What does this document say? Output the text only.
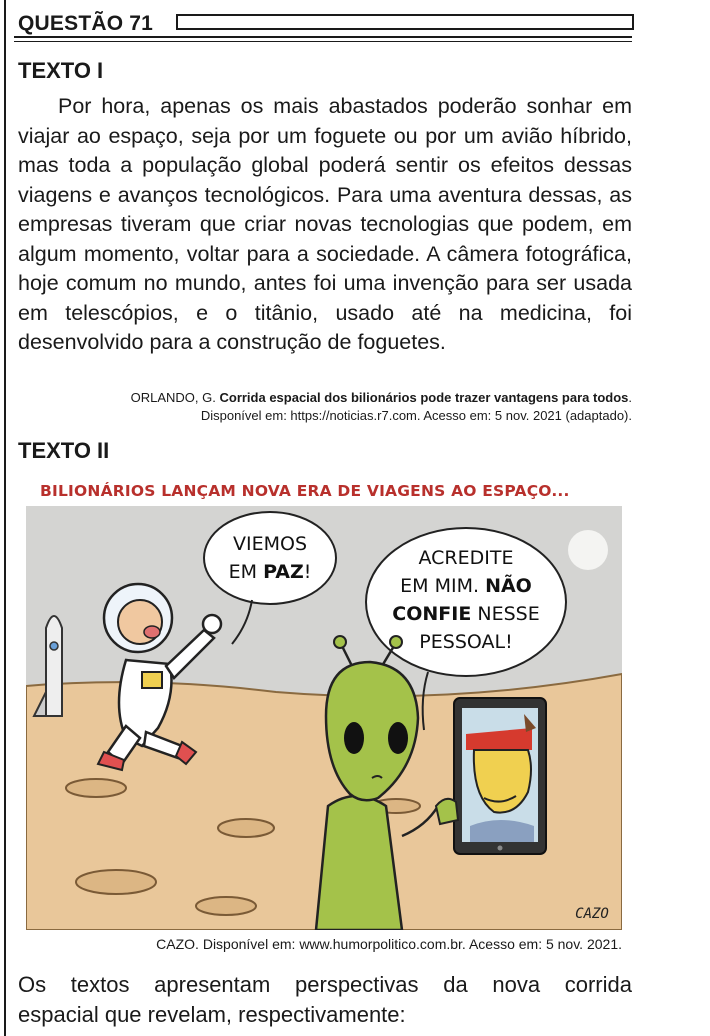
QUESTÃO 71
TEXTO I

Por hora, apenas os mais abastados poderão sonhar em viajar ao espaço, seja por um foguete ou por um avião híbrido, mas toda a população global poderá sentir os efeitos dessas viagens e avanços tecnológicos. Para uma aventura dessas, as empresas tiveram que criar novas tecnologias que podem, em algum momento, voltar para a sociedade. A câmera fotográfica, hoje comum no mundo, antes foi uma invenção para ser usada em telescópios, e o titânio, usado até na medicina, foi desenvolvido para a construção de foguetes.

ORLANDO, G. Corrida espacial dos bilionários pode trazer vantagens para todos.
Disponível em: https://noticias.r7.com. Acesso em: 5 nov. 2021 (adaptado).
TEXTO II
BILIONÁRIOS LANÇAM NOVA ERA DE VIAGENS AO ESPAÇO...
VIEMOS
EM PAZ!
ACREDITE
EM MIM. NÃO
CONFIE NESSE
PESSOAL!
CAZO
CAZO. Disponível em: www.humorpolitico.com.br. Acesso em: 5 nov. 2021.

Os textos apresentam perspectivas da nova corrida
espacial que revelam, respectivamente:
